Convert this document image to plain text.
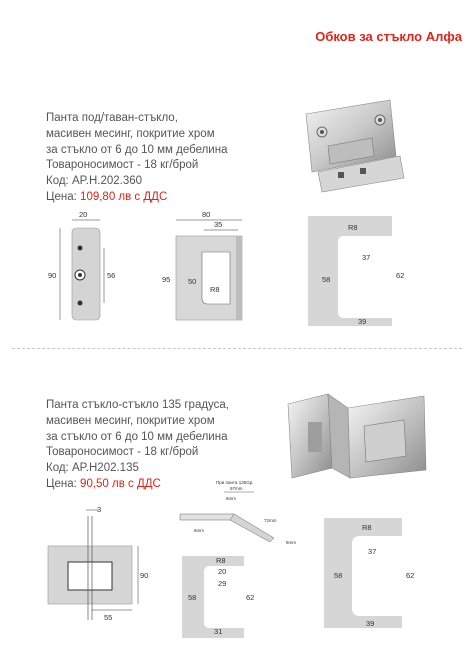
Обков за стъкло Алфа
Панта под/таван-стъкло,
масивен месинг, покритие хром
за стъкло от 6 до 10 мм дебелина
Товароносимост - 18 кг/брой
Код: AP.H.202.360
Цена: 109,80 лв с ДДС
20
90	56
80
35
95 50
R8
R8
37
62
58
39
Панта стъкло-стъкло 135 градуса,
масивен месинг, покритие хром
за стъкло от 6 до 10 мм дебелина
Товароносимост - 18 кг/брой
Код: AP.H202.135
Цена: 90,50 лв с ДДС
3
90
55
При панта 135Gp.
97mm
8mm
8mm
72mm
8mm
R8
29
20
62
58
31
R8
37
62
58
39
